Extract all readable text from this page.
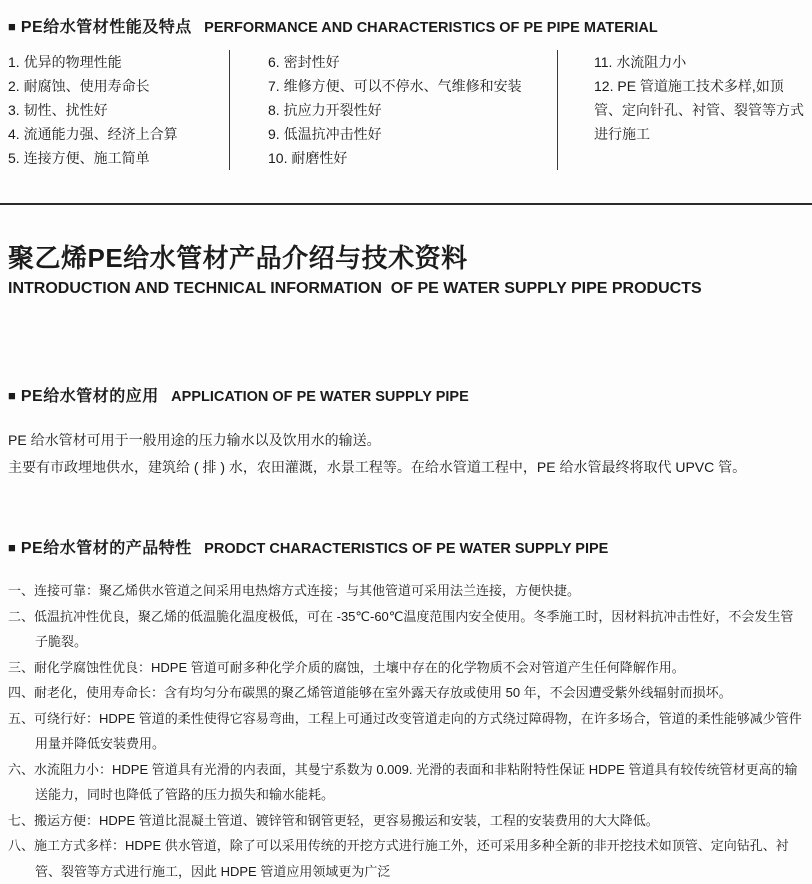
■ PE给水管材性能及特点 PERFORMANCE AND CHARACTERISTICS OF PE PIPE MATERIAL
1. 优异的物理性能
2. 耐腐蚀、使用寿命长
3. 韧性、扰性好
4. 流通能力强、经济上合算
5. 连接方便、施工简单
6. 密封性好
7. 维修方便、可以不停水、气维修和安装
8. 抗应力开裂性好
9. 低温抗冲击性好
10. 耐磨性好
11. 水流阻力小
12. PE 管道施工技术多样,如顶管、定向针孔、衬管、裂管等方式进行施工
聚乙烯PE给水管材产品介绍与技术资料
INTRODUCTION AND TECHNICAL INFORMATION  OF PE WATER SUPPLY PIPE PRODUCTS
■ PE给水管材的应用 APPLICATION OF PE WATER SUPPLY PIPE
PE 给水管材可用于一般用途的压力输水以及饮用水的输送。
主要有市政埋地供水，建筑给 ( 排 ) 水，农田灌溉，水景工程等。在给水管道工程中，PE 给水管最终将取代 UPVC 管。
■ PE给水管材的产品特性 PRODCT CHARACTERISTICS OF PE WATER SUPPLY PIPE
一、连接可靠：聚乙烯供水管道之间采用电热熔方式连接；与其他管道可采用法兰连接，方便快捷。
二、低温抗冲性优良，聚乙烯的低温脆化温度极低，可在 -35℃-60℃温度范围内安全使用。冬季施工时，因材料抗冲击性好，不会发生管子脆裂。
三、耐化学腐蚀性优良：HDPE 管道可耐多种化学介质的腐蚀，土壤中存在的化学物质不会对管道产生任何降解作用。
四、耐老化，使用寿命长：含有均匀分布碳黑的聚乙烯管道能够在室外露天存放或使用 50 年，不会因遭受紫外线辐射而损坏。
五、可绕行好：HDPE 管道的柔性使得它容易弯曲，工程上可通过改变管道走向的方式绕过障碍物，在许多场合，管道的柔性能够减少管件用量并降低安装费用。
六、水流阻力小：HDPE 管道具有光滑的内表面，其曼宁系数为 0.009. 光滑的表面和非粘附特性保证 HDPE 管道具有较传统管材更高的输送能力，同时也降低了管路的压力损失和输水能耗。
七、搬运方便：HDPE 管道比混凝土管道、镀锌管和钢管更轻，更容易搬运和安装，工程的安装费用的大大降低。
八、施工方式多样：HDPE 供水管道，除了可以采用传统的开挖方式进行施工外，还可采用多种全新的非开挖技术如顶管、定向钻孔、衬管、裂管等方式进行施工，因此 HDPE 管道应用领域更为广泛
